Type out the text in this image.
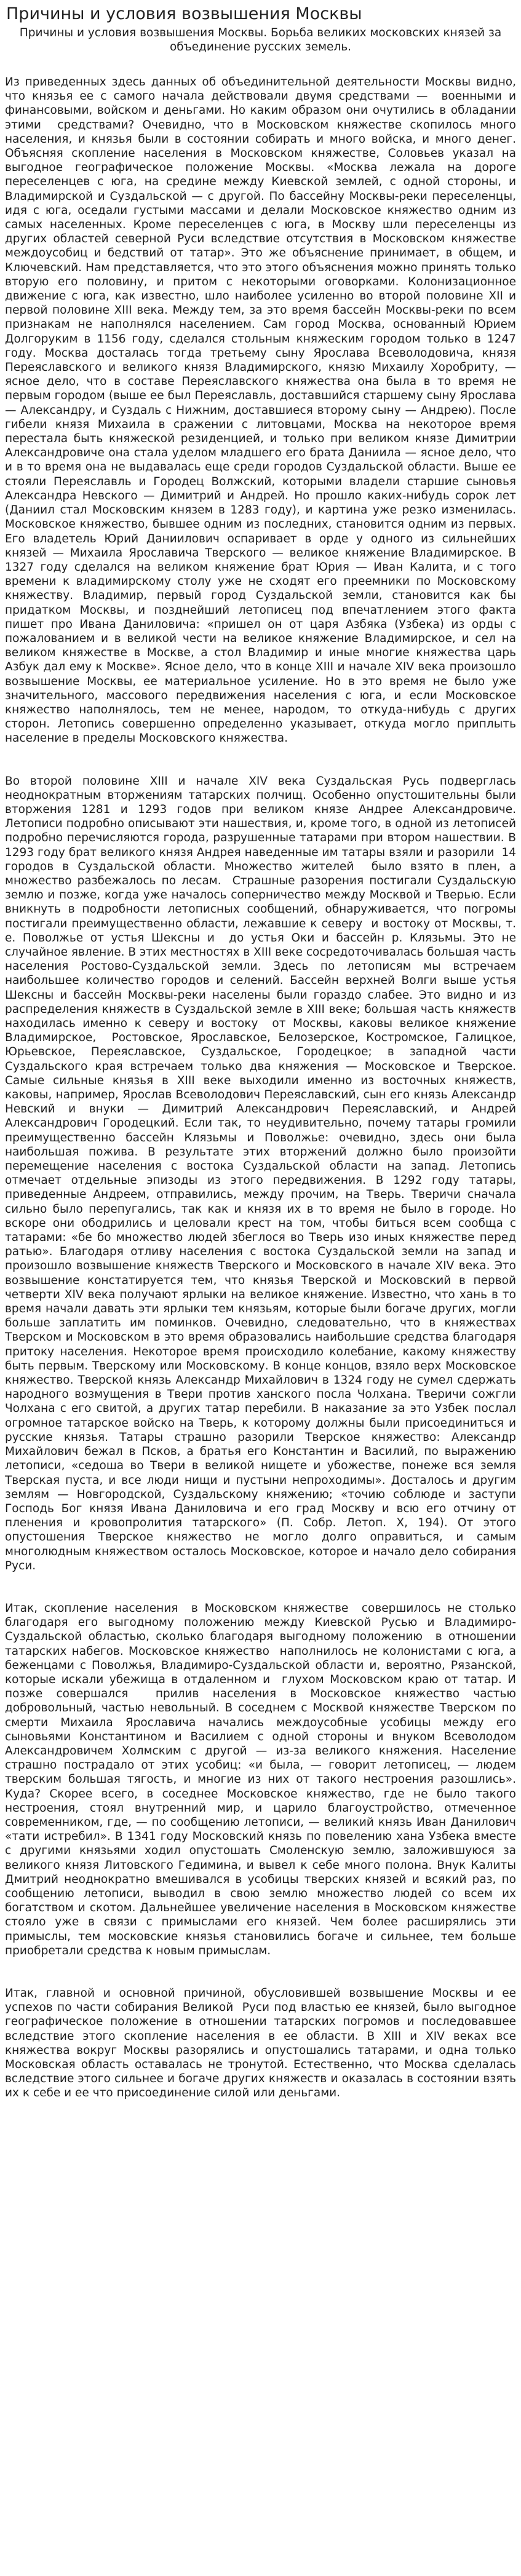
Причины и условия возвышения Москвы
Причины и условия возвышения Москвы. Борьба великих московских князей за объединение русских земель.
Из приведенных здесь данных об объединительной деятельности Москвы видно, что князья ее с самого начала действовали двумя средствами —  военными и финансовыми, войском и деньгами. Но каким образом они очутились в обладании этими  средствами? Очевидно, что в Московском княжестве скопилось много населения, и князья были в состоянии собирать и много войска, и много денег. Объясняя скопление населения в Московском княжестве, Соловьев указал на выгодное географическое положение Москвы. «Москва лежала на дороге переселенцев с юга, на средине между Киевской землей, с одной стороны, и Владимирской и Суздальской — с другой. По бассейну Москвы-реки переселенцы, идя с юга, оседали густыми массами и делали Московское княжество одним из самых населенных. Кроме переселенцев с юга, в Москву шли переселенцы из других областей северной Руси вследствие отсутствия в Московском княжестве междоусобиц и бедствий от татар». Это же объяснение принимает, в общем, и Ключевский. Нам представляется, что это этого объяснения можно принять только вторую его половину, и притом с некоторыми оговорками. Колонизационное движение с юга, как известно, шло наиболее усиленно во второй половине XII и первой половине XIII века. Между тем, за это время бассейн Москвы-реки по всем признакам не наполнялся населением. Сам город Москва, основанный Юрием Долгоруким в 1156 году, сделался стольным княжеским городом только в 1247 году. Москва досталась тогда третьему сыну Ярослава Всеволодовича, князя Переяславского и великого князя Владимирского, князю Михаилу Хоробриту, — ясное дело, что в составе Переяславского княжества она была в то время не первым городом (выше ее был Переяславль, доставшийся старшему сыну Ярослава — Александру, и Суздаль с Нижним, доставшиеся второму сыну — Андрею). После гибели князя Михаила в сражении с литовцами, Москва на некоторое время перестала быть княжеской резиденцией, и только при великом князе Димитрии Александровиче она стала уделом младшего его брата Даниила — ясное дело, что и в то время она не выдавалась еще среди городов Суздальской области. Выше ее стояли Переяславль и Городец Волжский, которыми владели старшие сыновья Александра Невского — Димитрий и Андрей. Но прошло каких-нибудь сорок лет (Даниил стал Московским князем в 1283 году), и картина уже резко изменилась. Московское княжество, бывшее одним из последних, становится одним из первых. Его владетель Юрий Даниилович оспаривает в орде у одного из сильнейших князей — Михаила Ярославича Тверского — великое княжение Владимирское. В 1327 году сделался на великом княжение брат Юрия — Иван Калита, и с того времени к владимирскому столу уже не сходят его преемники по Московскому княжеству. Владимир, первый город Суздальской земли, становится как бы придатком Москвы, и позднейший летописец под впечатлением этого факта пишет про Ивана Даниловича: «пришел он от царя Азбяка (Узбека) из орды с пожалованием и в великой чести на великое княжение Владимирское, и сел на великом княжестве в Москве, а стол Владимир и иные многие княжества царь Азбук дал ему к Москве». Ясное дело, что в конце XIII и начале XIV века произошло возвышение Москвы, ее материальное усиление. Но в это время не было уже значительного, массового передвижения населения с юга, и если Московское княжество наполнялось, тем не менее, народом, то откуда-нибудь с других сторон. Летопись совершенно определенно указывает, откуда могло приплыть население в пределы Московского княжества.
Во второй половине XIII и начале XIV века Суздальская Русь подверглась неоднократным вторжениям татарских полчищ. Особенно опустошительны были вторжения 1281 и 1293 годов при великом князе Андрее Александровиче. Летописи подробно описывают эти нашествия, и, кроме того, в одной из летописей подробно перечисляются города, разрушенные татарами при втором нашествии. В 1293 году брат великого князя Андрея наведенные им татары взяли и разорили  14 городов в Суздальской области. Множество жителей  было взято в плен, а множество разбежалось по лесам.  Страшные разорения постигали Суздальскую землю и позже, когда уже началось соперничество между Москвой и Тверью. Если вникнуть в подробности летописных сообщений, обнаруживается, что погромы постигали преимущественно области, лежавшие к северу  и востоку от Москвы, т. е. Поволжье от устья Шексны и  до устья Оки и бассейн р. Клязьмы. Это не случайное явление. В этих местностях в XIII веке сосредоточивалась большая часть населения Ростово-Суздальской земли. Здесь по летописям мы встречаем наибольшее количество городов и селений. Бассейн верхней Волги выше устья Шексны и бассейн Москвы-реки населены были гораздо слабее. Это видно и из распределения княжеств в Суздальской земле в XIII веке; большая часть княжеств находилась именно к северу и востоку  от Москвы, каковы великое княжение Владимирское,  Ростовское, Ярославское, Белозерское, Костромское, Галицкое, Юрьевское, Переяславское, Суздальское, Городецкое; в западной части Суздальского края встречаем только два княжения — Московское и Тверское. Самые сильные князья в XIII веке выходили именно из восточных княжеств, каковы, например, Ярослав Всеволодович Переяславский, сын его князь Александр Невский и внуки — Димитрий Александрович Переяславский, и Андрей Александрович Городецкий. Если так, то неудивительно, почему татары громили преимущественно бассейн Клязьмы и Поволжье: очевидно, здесь они была наибольшая пожива. В результате этих вторжений должно было произойти перемещение населения с востока Суздальской области на запад. Летопись отмечает отдельные эпизоды из этого передвижения. В 1292 году татары, приведенные Андреем, отправились, между прочим, на Тверь. Тверичи сначала сильно было перепугались, так как и князя их в то время не было в городе. Но вскоре они ободрились и целовали крест на том, чтобы биться всем сообща с татарами: «бе бо множество людей збеглося во Тверь изо иных княжестве перед ратью». Благодаря отливу населения с востока Суздальской земли на запад и произошло возвышение княжеств Тверского и Московского в начале XIV века. Это возвышение констатируется тем, что князья Тверской и Московский в первой четверти XIV века получают ярлыки на великое княжение. Известно, что хань в то время начали давать эти ярлыки тем князьям, которые были богаче других, могли больше заплатить им поминков. Очевидно, следовательно, что в княжествах Тверском и Московском в это время образовались наибольшие средства благодаря притоку населения. Некоторое время происходило колебание, какому княжеству быть первым. Тверскому или Московскому. В конце концов, взяло верх Московское княжество. Тверской князь Александр Михайлович в 1324 году не сумел сдержать народного возмущения в Твери против ханского посла Чолхана. Тверичи сожгли Чолхана с его свитой, а других татар перебили. В наказание за это Узбек послал огромное татарское войско на Тверь, к которому должны были присоединиться и русские князья. Татары страшно разорили Тверское княжество: Александр Михайлович бежал в Псков, а братья его Константин и Василий, по выражению летописи, «седоша во Твери в великой нищете и убожестве, понеже вся земля Тверская пуста, и все люди нищи и пустыни непроходимы». Досталось и другим землям — Новгородской, Суздальскому княжению; «точию соблюде и заступи Господь Бог князя Ивана Даниловича и его град Москву и всю его отчину от пленения и кровопролития татарского» (П. Собр. Летоп. Х, 194). От этого опустошения Тверское княжество не могло долго оправиться, и самым многолюдным княжеством осталось Московское, которое и начало дело собирания Руси.
Итак, скопление населения  в Московском княжестве  совершилось не столько благодаря его выгодному положению между Киевской Русью и Владимиро-Суздальской областью, сколько благодаря выгодному положению  в отношении татарских набегов. Московское княжество  наполнилось не колонистами с юга, а беженцами с Поволжья, Владимиро-Суздальской области и, вероятно, Рязанской, которые искали убежища в отдаленном и  глухом Московском краю от татар. И позже совершался  прилив населения в Московское княжество частью добровольный, частью невольный. В соседнем с Москвой княжестве Тверском по смерти Михаила Ярославича начались междоусобные усобицы между его сыновьями Константином и Василием с одной стороны и внуком Всеволодом Александровичем Холмским с другой — из-за великого княжения. Население страшно пострадало от этих усобиц: «и была, — говорит летописец, — людем тверским большая тягость, и многие из них от такого нестроения разошлись». Куда? Скорее всего, в соседнее Московское княжество, где не было такого нестроения, стоял внутренний мир, и царило благоустройство, отмеченное современником, где, — по сообщению летописи, — великий князь Иван Данилович «тати истребил». В 1341 году Московский князь по повелению хана Узбека вместе с другими князьями ходил опустошать Смоленскую землю, заложившуюся за великого князя Литовского Гедимина, и вывел к себе много полона. Внук Калиты Дмитрий неоднократно вмешивался в усобицы тверских князей и всякий раз, по сообщению летописи, выводил в свою землю множество людей со всем их богатством и скотом. Дальнейшее увеличение населения в Московском княжестве стояло уже в связи с примыслами его князей. Чем более расширялись эти примыслы, тем московские князья становились богаче и сильнее, тем больше приобретали средства к новым примыслам.
Итак, главной и основной причиной, обусловившей возвышение Москвы и ее успехов по части собирания Великой  Руси под властью ее князей, было выгодное географическое положение в отношении татарских погромов и последовавшее вследствие этого скопление населения в ее области. В XIII и XIV веках все княжества вокруг Москвы разорялись и опустошались татарами, и одна только Московская область оставалась не тронутой. Естественно, что Москва сделалась вследствие этого сильнее и богаче других княжеств и оказалась в состоянии взять их к себе и ее что присоединение силой или деньгами.
